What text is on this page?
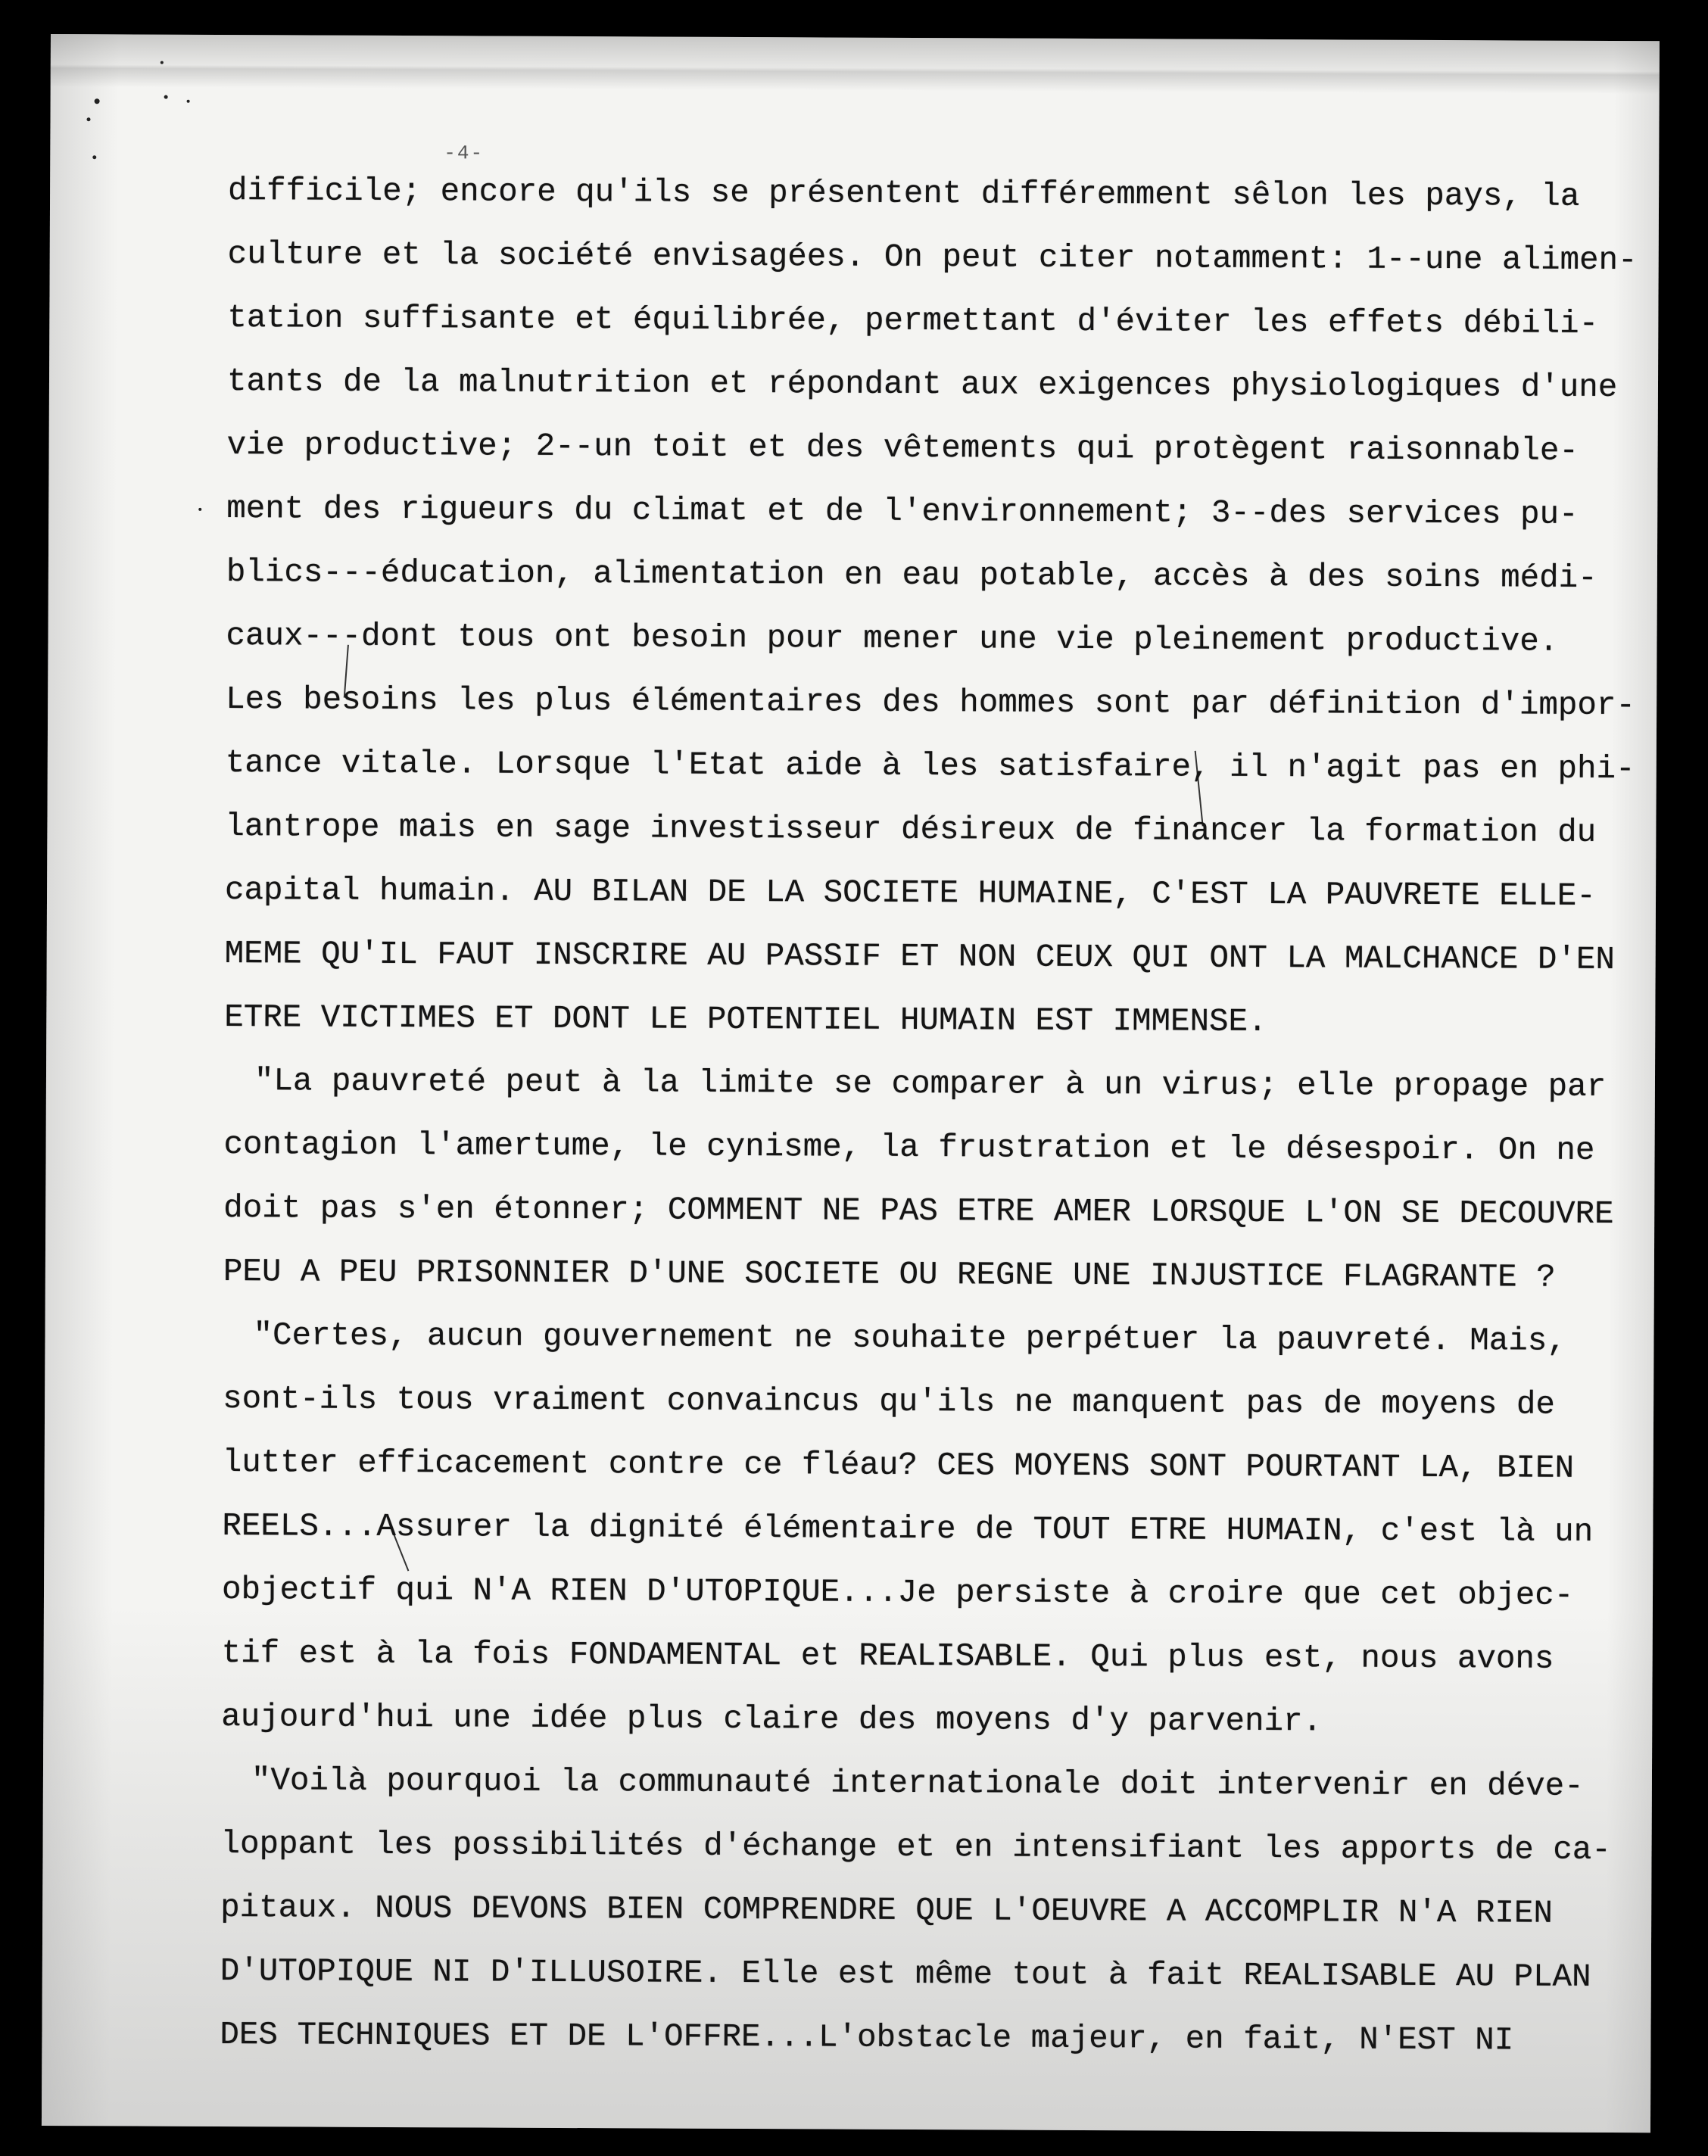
-4-
difficile; encore qu'ils se présentent différemment sêlon les pays, la
culture et la société envisagées. On peut citer notamment: 1--une alimen-
tation suffisante et équilibrée, permettant d'éviter les effets débili-
tants de la malnutrition et répondant aux exigences physiologiques d'une
vie productive; 2--un toit et des vêtements qui protègent raisonnable-
ment des rigueurs du climat et de l'environnement; 3--des services pu-
blics---éducation, alimentation en eau potable, accès à des soins médi-
caux---dont tous ont besoin pour mener une vie pleinement productive.
Les besoins les plus élémentaires des hommes sont par définition d'impor-
tance vitale. Lorsque l'Etat aide à les satisfaire, il n'agit pas en phi-
lantrope mais en sage investisseur désireux de financer la formation du
capital humain. AU BILAN DE LA SOCIETE HUMAINE, C'EST LA PAUVRETE ELLE-
MEME QU'IL FAUT INSCRIRE AU PASSIF ET NON CEUX QUI ONT LA MALCHANCE D'EN
ETRE VICTIMES ET DONT LE POTENTIEL HUMAIN EST IMMENSE.
"La pauvreté peut à la limite se comparer à un virus; elle propage par
contagion l'amertume, le cynisme, la frustration et le désespoir. On ne
doit pas s'en étonner; COMMENT NE PAS ETRE AMER LORSQUE L'ON SE DECOUVRE
PEU A PEU PRISONNIER D'UNE SOCIETE OU REGNE UNE INJUSTICE FLAGRANTE ?
"Certes, aucun gouvernement ne souhaite perpétuer la pauvreté. Mais,
sont-ils tous vraiment convaincus qu'ils ne manquent pas de moyens de
lutter efficacement contre ce fléau? CES MOYENS SONT POURTANT LA, BIEN
REELS...Assurer la dignité élémentaire de TOUT ETRE HUMAIN, c'est là un
objectif qui N'A RIEN D'UTOPIQUE...Je persiste à croire que cet objec-
tif est à la fois FONDAMENTAL et REALISABLE. Qui plus est, nous avons
aujourd'hui une idée plus claire des moyens d'y parvenir.
"Voilà pourquoi la communauté internationale doit intervenir en déve-
loppant les possibilités d'échange et en intensifiant les apports de ca-
pitaux. NOUS DEVONS BIEN COMPRENDRE QUE L'OEUVRE A ACCOMPLIR N'A RIEN
D'UTOPIQUE NI D'ILLUSOIRE. Elle est même tout à fait REALISABLE AU PLAN
DES TECHNIQUES ET DE L'OFFRE...L'obstacle majeur, en fait, N'EST NI
